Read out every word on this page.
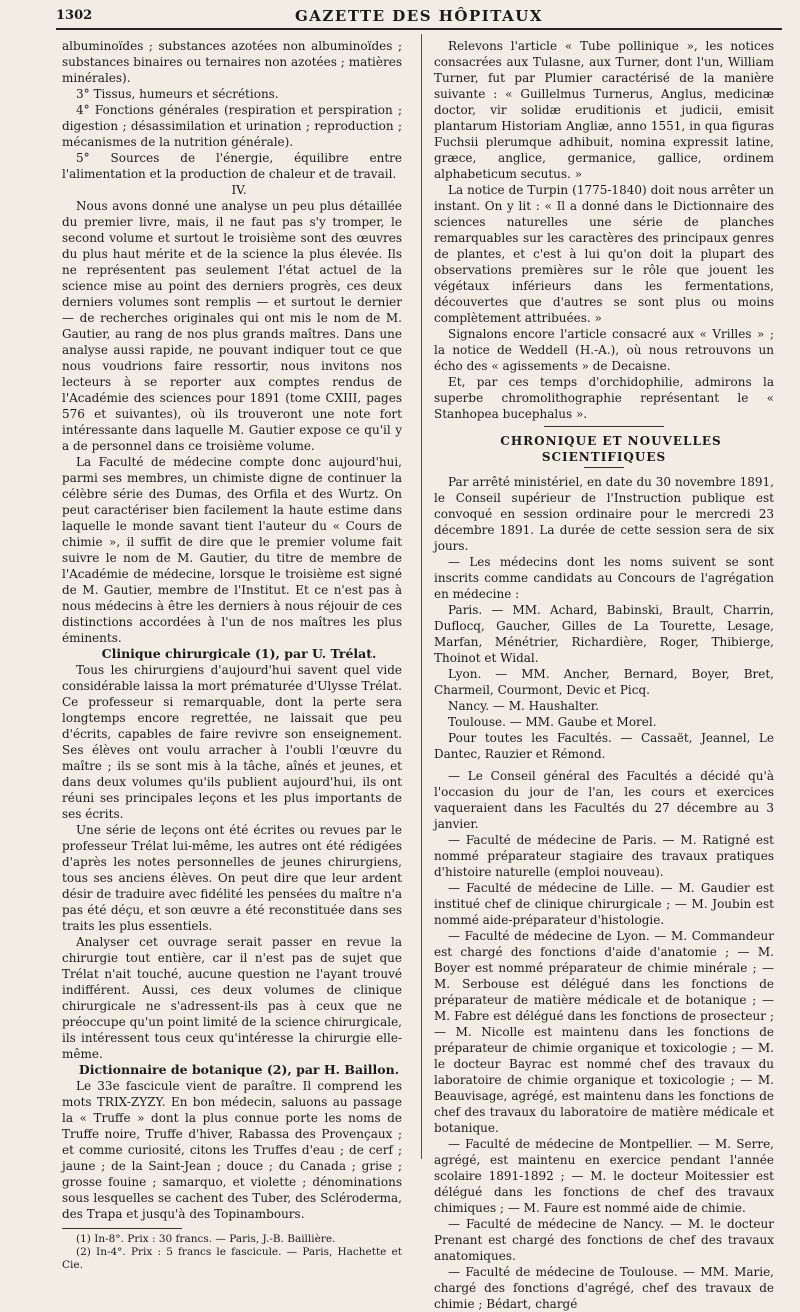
1302	GAZETTE DES HÔPITAUX

albuminoïdes ; substances azotées non albuminoïdes ; substances binaires ou ternaires non azotées ; matières minérales).

3° Tissus, humeurs et sécrétions.

4° Fonctions générales (respiration et perspiration ; digestion ; désassimilation et urination ; reproduction ; mécanismes de la nutrition générale).

5° Sources de l'énergie, équilibre entre l'alimentation et la production de chaleur et de travail.

IV.

Nous avons donné une analyse un peu plus détaillée du premier livre, mais, il ne faut pas s'y tromper, le second volume et surtout le troisième sont des œuvres du plus haut mérite et de la science la plus élevée. Ils ne représentent pas seulement l'état actuel de la science mise au point des derniers progrès, ces deux derniers volumes sont remplis — et surtout le dernier — de recherches originales qui ont mis le nom de M. Gautier, au rang de nos plus grands maîtres. Dans une analyse aussi rapide, ne pouvant indiquer tout ce que nous voudrions faire ressortir, nous invitons nos lecteurs à se reporter aux comptes rendus de l'Académie des sciences pour 1891 (tome CXIII, pages 576 et suivantes), où ils trouveront une note fort intéressante dans laquelle M. Gautier expose ce qu'il y a de personnel dans ce troisième volume.

La Faculté de médecine compte donc aujourd'hui, parmi ses membres, un chimiste digne de continuer la célèbre série des Dumas, des Orfila et des Wurtz. On peut caractériser bien facilement la haute estime dans laquelle le monde savant tient l'auteur du « Cours de chimie », il suffit de dire que le premier volume fait suivre le nom de M. Gautier, du titre de membre de l'Académie de médecine, lorsque le troisième est signé de M. Gautier, membre de l'Institut. Et ce n'est pas à nous médecins à être les derniers à nous réjouir de ces distinctions accordées à l'un de nos maîtres les plus éminents.

Clinique chirurgicale (1), par U. Trélat.

Tous les chirurgiens d'aujourd'hui savent quel vide considérable laissa la mort prématurée d'Ulysse Trélat. Ce professeur si remarquable, dont la perte sera longtemps encore regrettée, ne laissait que peu d'écrits, capables de faire revivre son enseignement. Ses élèves ont voulu arracher à l'oubli l'œuvre du maître ; ils se sont mis à la tâche, aînés et jeunes, et dans deux volumes qu'ils publient aujourd'hui, ils ont réuni ses principales leçons et les plus importants de ses écrits.

Une série de leçons ont été écrites ou revues par le professeur Trélat lui-même, les autres ont été rédigées d'après les notes personnelles de jeunes chirurgiens, tous ses anciens élèves. On peut dire que leur ardent désir de traduire avec fidélité les pensées du maître n'a pas été déçu, et son œuvre a été reconstituée dans ses traits les plus essentiels.

Analyser cet ouvrage serait passer en revue la chirurgie tout entière, car il n'est pas de sujet que Trélat n'ait touché, aucune question ne l'ayant trouvé indifférent. Aussi, ces deux volumes de clinique chirurgicale ne s'adressent-ils pas à ceux que ne préoccupe qu'un point limité de la science chirurgicale, ils intéressent tous ceux qu'intéresse la chirurgie elle-même.

Dictionnaire de botanique (2), par H. Baillon.

Le 33e fascicule vient de paraître. Il comprend les mots TRIX-ZYZY. En bon médecin, saluons au passage la « Truffe » dont la plus connue porte les noms de Truffe noire, Truffe d'hiver, Rabassa des Provençaux ; et comme curiosité, citons les Truffes d'eau ; de cerf ; jaune ; de la Saint-Jean ; douce ; du Canada ; grise ; grosse fouine ; samarquo, et violette ; dénominations sous lesquelles se cachent des Tuber, des Scléroderma, des Trapa et jusqu'à des Topinambours.

(1) In-8°. Prix : 30 francs. — Paris, J.-B. Baillière.

(2) In-4°. Prix : 5 francs le fascicule. — Paris, Hachette et Cie.

Relevons l'article « Tube pollinique », les notices consacrées aux Tulasne, aux Turner, dont l'un, William Turner, fut par Plumier caractérisé de la manière suivante : « Guillelmus Turnerus, Anglus, medicinæ doctor, vir solidæ eruditionis et judicii, emisit plantarum Historiam Angliæ, anno 1551, in qua figuras Fuchsii plerumque adhibuit, nomina expressit latine, græce, anglice, germanice, gallice, ordinem alphabeticum secutus. »

La notice de Turpin (1775-1840) doit nous arrêter un instant. On y lit : « Il a donné dans le Dictionnaire des sciences naturelles une série de planches remarquables sur les caractères des principaux genres de plantes, et c'est à lui qu'on doit la plupart des observations premières sur le rôle que jouent les végétaux inférieurs dans les fermentations, découvertes que d'autres se sont plus ou moins complètement attribuées. »

Signalons encore l'article consacré aux « Vrilles » ; la notice de Weddell (H.-A.), où nous retrouvons un écho des « agissements » de Decaisne.

Et, par ces temps d'orchidophilie, admirons la superbe chromolithographie représentant le « Stanhopea bucephalus ».

CHRONIQUE ET NOUVELLES SCIENTIFIQUES

Par arrêté ministériel, en date du 30 novembre 1891, le Conseil supérieur de l'Instruction publique est convoqué en session ordinaire pour le mercredi 23 décembre 1891. La durée de cette session sera de six jours.

— Les médecins dont les noms suivent se sont inscrits comme candidats au Concours de l'agrégation en médecine :

Paris. — MM. Achard, Babinski, Brault, Charrin, Duflocq, Gaucher, Gilles de La Tourette, Lesage, Marfan, Ménétrier, Richardière, Roger, Thibierge, Thoinot et Widal.

Lyon. — MM. Ancher, Bernard, Boyer, Bret, Charmeil, Courmont, Devic et Picq.

Nancy. — M. Haushalter.

Toulouse. — MM. Gaube et Morel.

Pour toutes les Facultés. — Cassaët, Jeannel, Le Dantec, Rauzier et Rémond.

— Le Conseil général des Facultés a décidé qu'à l'occasion du jour de l'an, les cours et exercices vaqueraient dans les Facultés du 27 décembre au 3 janvier.

— Faculté de médecine de Paris. — M. Ratigné est nommé préparateur stagiaire des travaux pratiques d'histoire naturelle (emploi nouveau).

— Faculté de médecine de Lille. — M. Gaudier est institué chef de clinique chirurgicale ; — M. Joubin est nommé aide-préparateur d'histologie.

— Faculté de médecine de Lyon. — M. Commandeur est chargé des fonctions d'aide d'anatomie ; — M. Boyer est nommé préparateur de chimie minérale ; — M. Serbouse est délégué dans les fonctions de préparateur de matière médicale et de botanique ; — M. Fabre est délégué dans les fonctions de prosecteur ; — M. Nicolle est maintenu dans les fonctions de préparateur de chimie organique et toxicologie ; — M. le docteur Bayrac est nommé chef des travaux du laboratoire de chimie organique et toxicologie ; — M. Beauvisage, agrégé, est maintenu dans les fonctions de chef des travaux du laboratoire de matière médicale et botanique.

— Faculté de médecine de Montpellier. — M. Serre, agrégé, est maintenu en exercice pendant l'année scolaire 1891-1892 ; — M. le docteur Moitessier est délégué dans les fonctions de chef des travaux chimiques ; — M. Faure est nommé aide de chimie.

— Faculté de médecine de Nancy. — M. le docteur Prenant est chargé des fonctions de chef des travaux anatomiques.

— Faculté de médecine de Toulouse. — MM. Marie, chargé des fonctions d'agrégé, chef des travaux de chimie ; Bédart, chargé
